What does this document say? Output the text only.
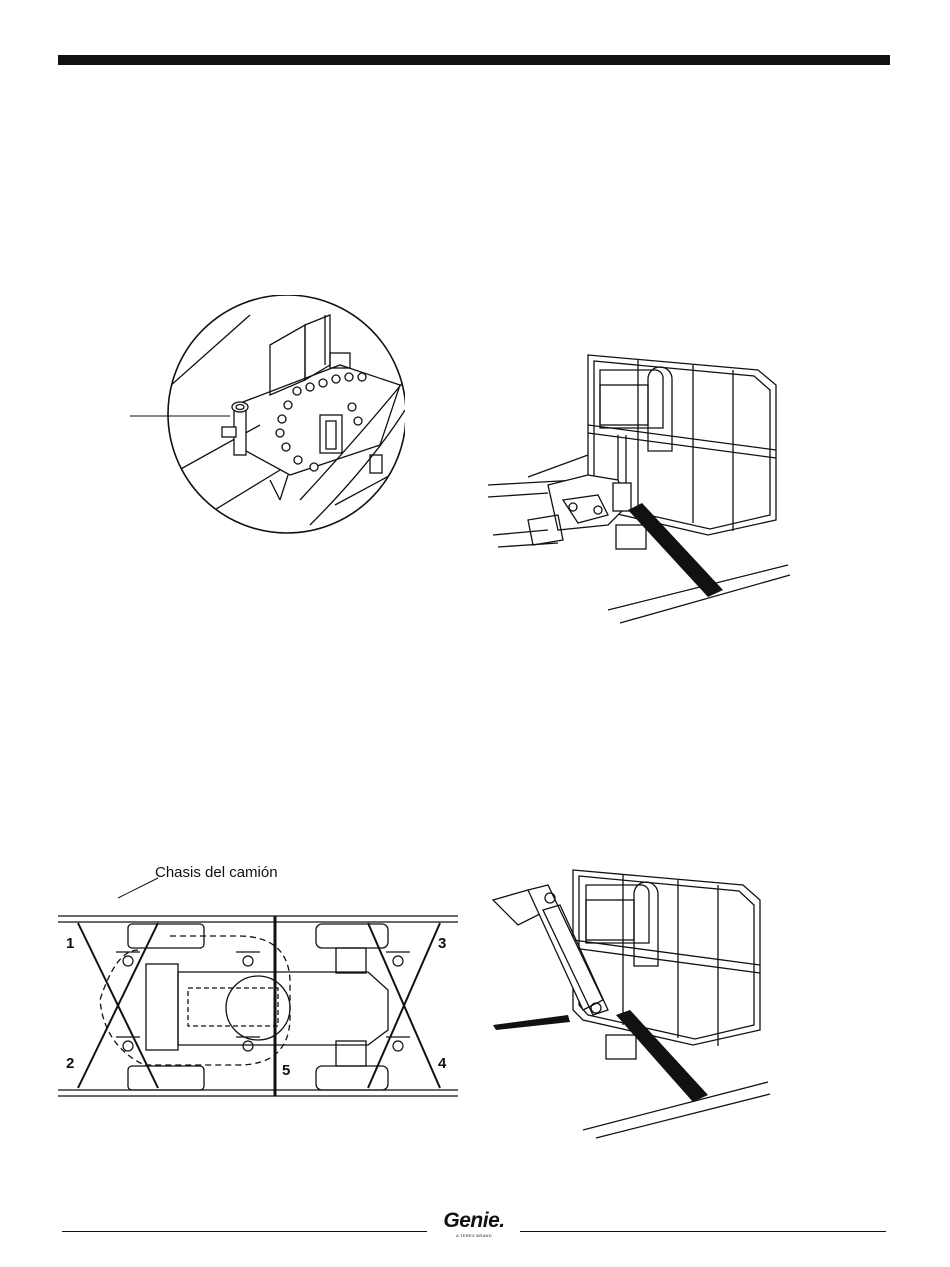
Chasis del camión
1
2
3
4
5
Genie.
A TEREX BRAND
